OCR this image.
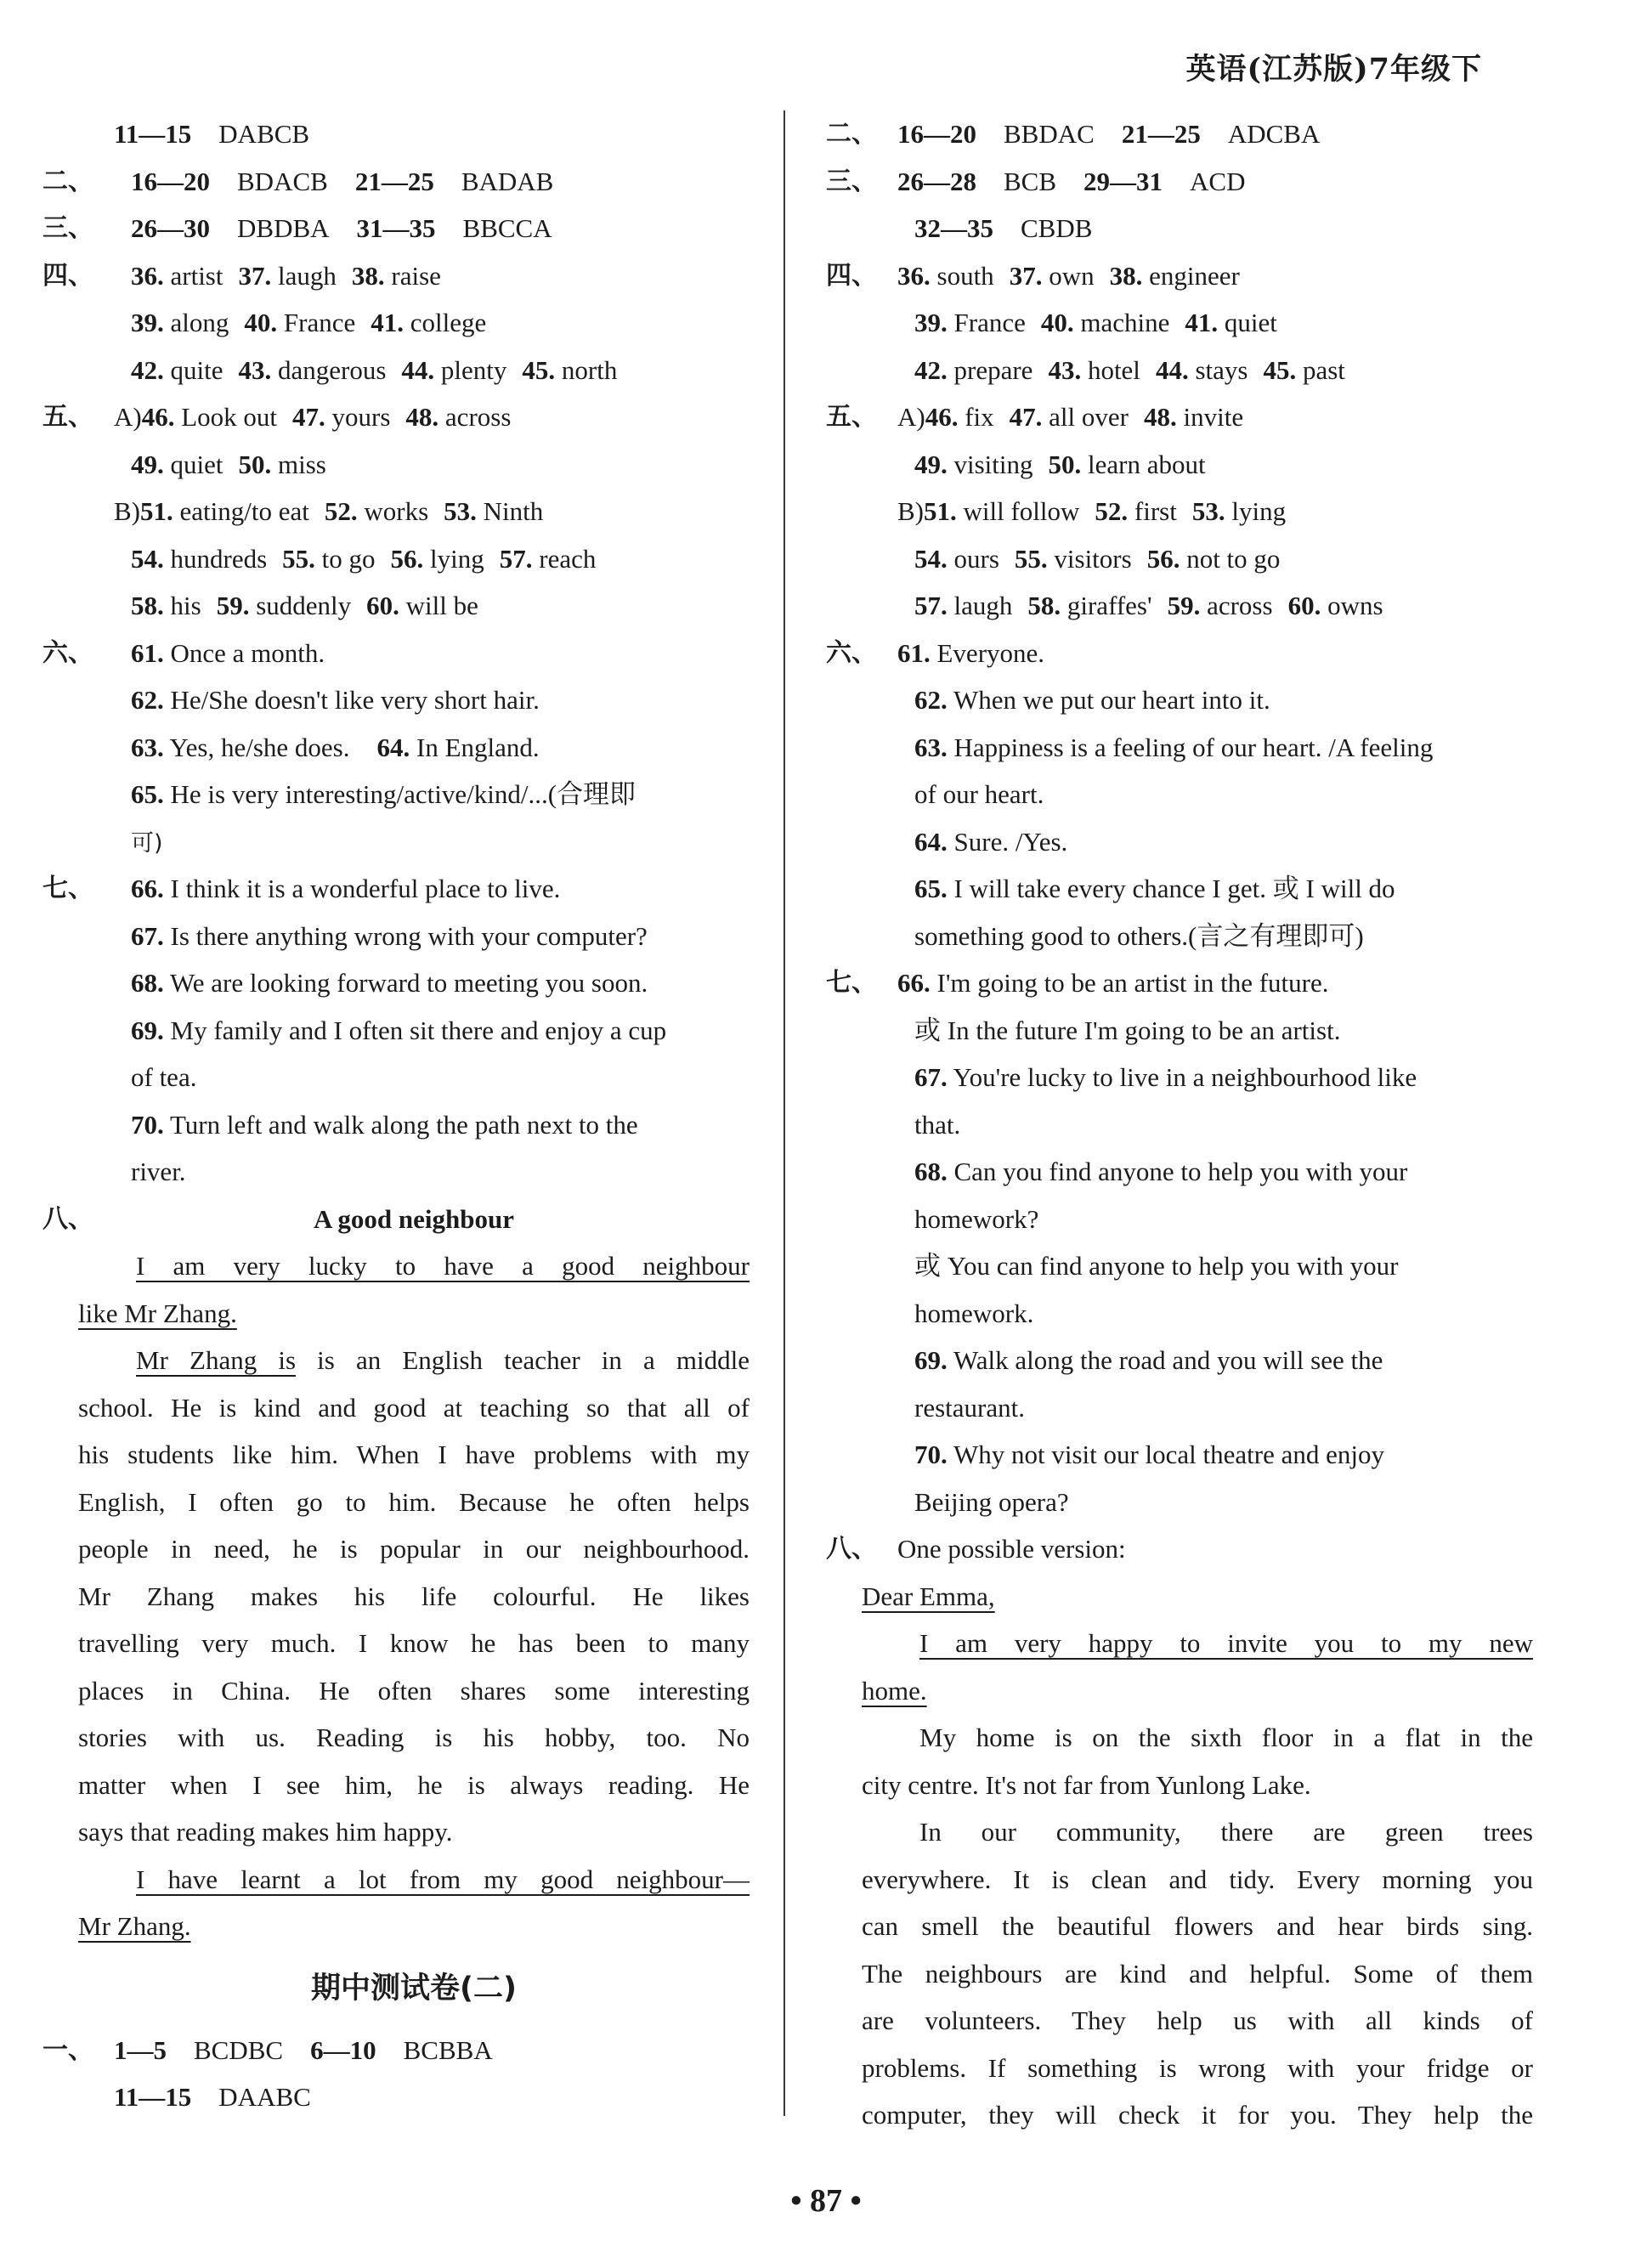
英语(江苏版)7年级下
11—15 DABCB
二、 16—20 BDACB 21—25 BADAB
三、 26—30 DBDBA 31—35 BBCCA
四、 36. artist 37. laugh 38. raise
39. along 40. France 41. college
42. quite 43. dangerous 44. plenty 45. north
五、 A)46. Look out 47. yours 48. across
49. quiet 50. miss
B)51. eating/to eat 52. works 53. Ninth
54. hundreds 55. to go 56. lying 57. reach
58. his 59. suddenly 60. will be
六、 61. Once a month.
62. He/She doesn't like very short hair.
63. Yes, he/she does. 64. In England.
65. He is very interesting/active/kind/...(合理即
可)
七、 66. I think it is a wonderful place to live.
67. Is there anything wrong with your computer?
68. We are looking forward to meeting you soon.
69. My family and I often sit there and enjoy a cup
of tea.
70. Turn left and walk along the path next to the
river.
八、	A good neighbour
I am very lucky to have a good neighbour
like Mr Zhang.
Mr Zhang is is an English teacher in a middle
school. He is kind and good at teaching so that all of
his students like him. When I have problems with my
English, I often go to him. Because he often helps
people in need, he is popular in our neighbourhood.
Mr Zhang makes his life colourful. He likes
travelling very much. I know he has been to many
places in China. He often shares some interesting
stories with us. Reading is his hobby, too. No
matter when I see him, he is always reading. He
says that reading makes him happy.
I have learnt a lot from my good neighbour—
Mr Zhang.
期中测试卷(二)
一、 1—5 BCDBC 6—10 BCBBA
11—15 DAABC
二、 16—20 BBDAC 21—25 ADCBA
三、 26—28 BCB 29—31 ACD
32—35 CBDB
四、 36. south 37. own 38. engineer
39. France 40. machine 41. quiet
42. prepare 43. hotel 44. stays 45. past
五、 A)46. fix 47. all over 48. invite
49. visiting 50. learn about
B)51. will follow 52. first 53. lying
54. ours 55. visitors 56. not to go
57. laugh 58. giraffes' 59. across 60. owns
六、 61. Everyone.
62. When we put our heart into it.
63. Happiness is a feeling of our heart. /A feeling
of our heart.
64. Sure. /Yes.
65. I will take every chance I get. 或 I will do
something good to others.(言之有理即可)
七、 66. I'm going to be an artist in the future.
或 In the future I'm going to be an artist.
67. You're lucky to live in a neighbourhood like
that.
68. Can you find anyone to help you with your
homework?
或 You can find anyone to help you with your
homework.
69. Walk along the road and you will see the
restaurant.
70. Why not visit our local theatre and enjoy
Beijing opera?
八、 One possible version:
Dear Emma,
I am very happy to invite you to my new
home.
My home is on the sixth floor in a flat in the
city centre. It's not far from Yunlong Lake.
In our community, there are green trees
everywhere. It is clean and tidy. Every morning you
can smell the beautiful flowers and hear birds sing.
The neighbours are kind and helpful. Some of them
are volunteers. They help us with all kinds of
problems. If something is wrong with your fridge or
computer, they will check it for you. They help the
• 87 •
